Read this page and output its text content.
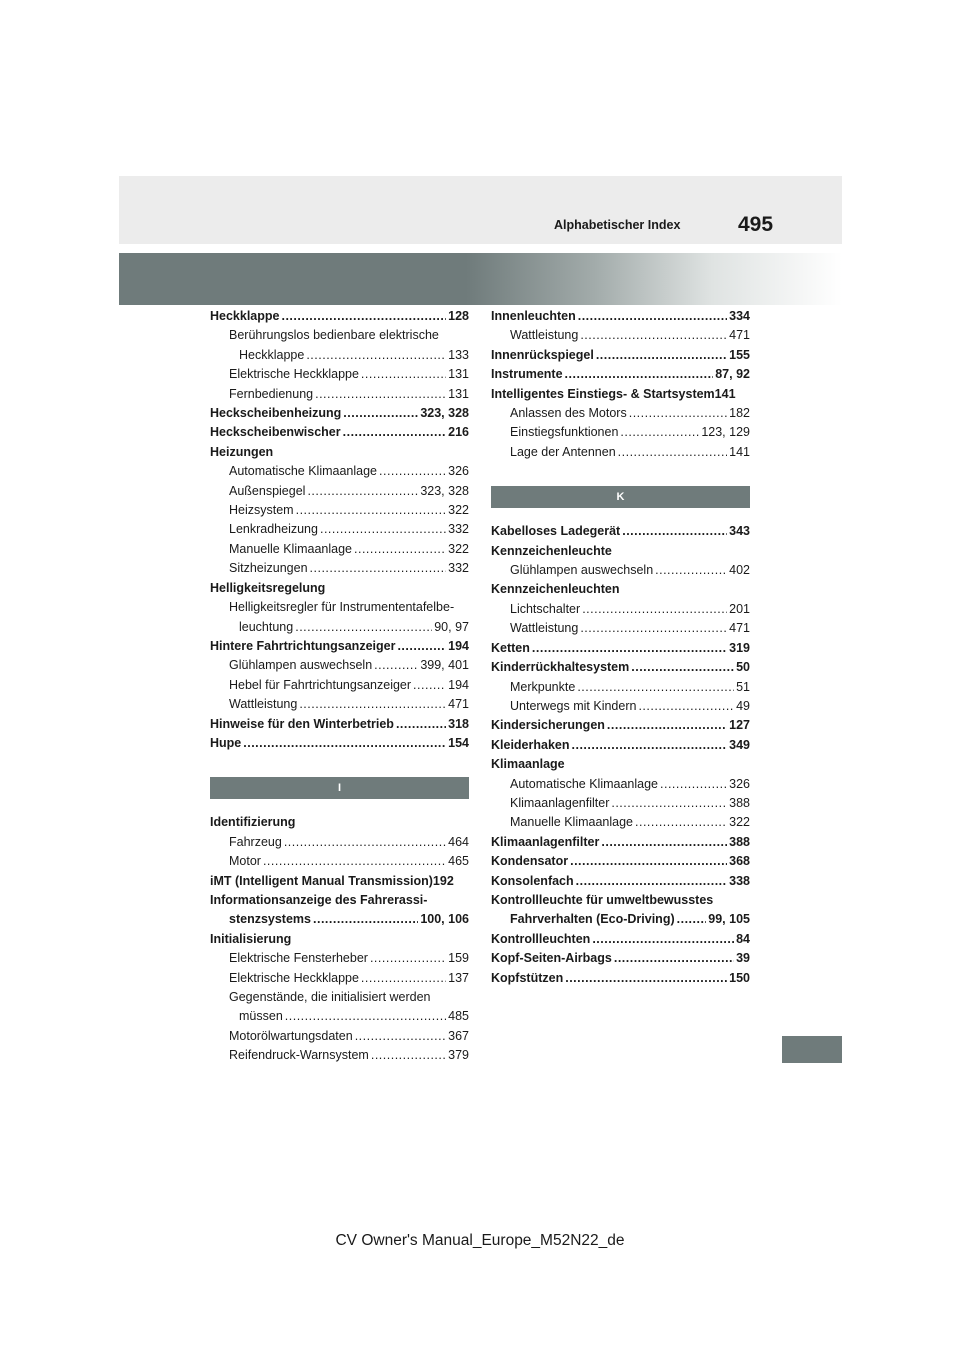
Alphabetischer Index	495
Heckklappe .....	128
Berührungslos bedienbare elektrische
Heckklappe .....	133
Elektrische Heckklappe .....	131
Fernbedienung .....	131
Heckscheibenheizung .....	323, 328
Heckscheibenwischer .....	216
Heizungen
Automatische Klimaanlage .....	326
Außenspiegel .....	323, 328
Heizsystem .....	322
Lenkradheizung .....	332
Manuelle Klimaanlage .....	322
Sitzheizungen .....	332
Helligkeitsregelung
Helligkeitsregler für Instrumententafelbe-
leuchtung .....	90, 97
Hintere Fahrtrichtungsanzeiger .....	194
Glühlampen auswechseln .....	399, 401
Hebel für Fahrtrichtungsanzeiger .....	194
Wattleistung .....	471
Hinweise für den Winterbetrieb .....	318
Hupe .....	154
I
Identifizierung
Fahrzeug .....	464
Motor .....	465
iMT (Intelligent Manual Transmission)192
Informationsanzeige des Fahrerassi-
stenzsystems .....	100, 106
Initialisierung
Elektrische Fensterheber .....	159
Elektrische Heckklappe .....	137
Gegenstände, die initialisiert werden
müssen .....	485
Motorölwartungsdaten .....	367
Reifendruck-Warnsystem .....	379
Innenleuchten .....	334
Wattleistung .....	471
Innenrückspiegel .....	155
Instrumente .....	87, 92
Intelligentes Einstiegs- & Startsystem141
Anlassen des Motors .....	182
Einstiegsfunktionen .....	123, 129
Lage der Antennen .....	141
K
Kabelloses Ladegerät .....	343
Kennzeichenleuchte
Glühlampen auswechseln .....	402
Kennzeichenleuchten
Lichtschalter .....	201
Wattleistung .....	471
Ketten .....	319
Kinderrückhaltesystem .....	50
Merkpunkte .....	51
Unterwegs mit Kindern .....	49
Kindersicherungen .....	127
Kleiderhaken .....	349
Klimaanlage
Automatische Klimaanlage .....	326
Klimaanlagenfilter .....	388
Manuelle Klimaanlage .....	322
Klimaanlagenfilter .....	388
Kondensator .....	368
Konsolenfach .....	338
Kontrollleuchte für umweltbewusstes
Fahrverhalten (Eco-Driving) .....	99, 105
Kontrollleuchten .....	84
Kopf-Seiten-Airbags .....	39
Kopfstützen .....	150
CV Owner's Manual_Europe_M52N22_de
